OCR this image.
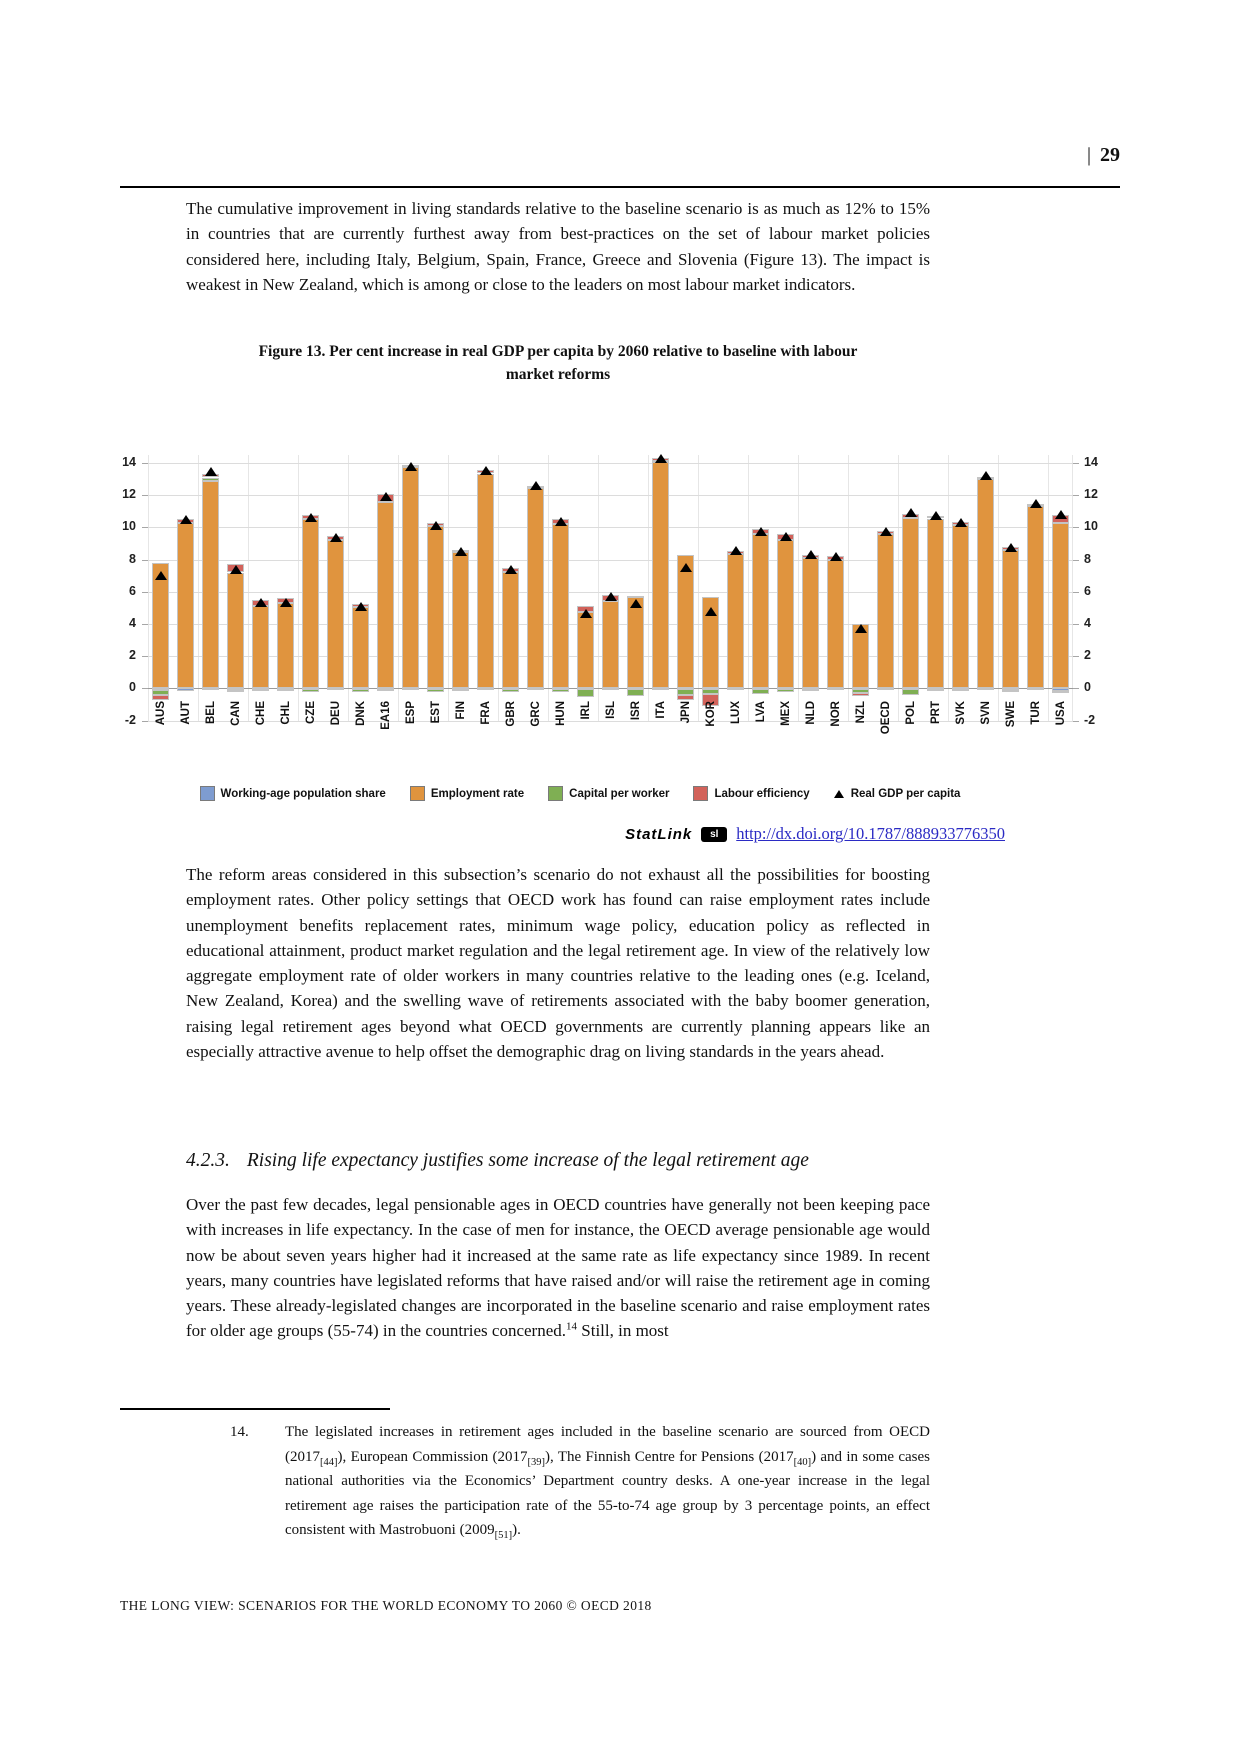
| 29
The cumulative improvement in living standards relative to the baseline scenario is as much as 12% to 15% in countries that are currently furthest away from best-practices on the set of labour market policies considered here, including Italy, Belgium, Spain, France, Greece and Slovenia (Figure 13). The impact is weakest in New Zealand, which is among or close to the leaders on most labour market indicators.
Figure 13. Per cent increase in real GDP per capita by 2060 relative to baseline with labour
market reforms
-2	-2
0	0
2	2
4	4
6	6
8	8
10	10
12	12
14	14
AUS AUT BEL CAN CHE CHL CZE DEU DNK EA16 ESP EST FIN FRA GBR GRC HUN IRL ISL ISR ITA JPN KOR LUX LVA MEX NLD NOR NZL OECD POL PRT SVK SVN SWE TUR USA
Working-age population share	Employment rate	Capital per worker	Labour efficiency	Real GDP per capita
StatLink	sl	http://dx.doi.org/10.1787/888933776350
The reform areas considered in this subsection’s scenario do not exhaust all the possibilities for boosting employment rates. Other policy settings that OECD work has found can raise employment rates include unemployment benefits replacement rates, minimum wage policy, education policy as reflected in educational attainment, product market regulation and the legal retirement age. In view of the relatively low aggregate employment rate of older workers in many countries relative to the leading ones (e.g. Iceland, New Zealand, Korea) and the swelling wave of retirements associated with the baby boomer generation, raising legal retirement ages beyond what OECD governments are currently planning appears like an especially attractive avenue to help offset the demographic drag on living standards in the years ahead.
4.2.3. Rising life expectancy justifies some increase of the legal retirement age
Over the past few decades, legal pensionable ages in OECD countries have generally not been keeping pace with increases in life expectancy. In the case of men for instance, the OECD average pensionable age would now be about seven years higher had it increased at the same rate as life expectancy since 1989. In recent years, many countries have legislated reforms that have raised and/or will raise the retirement age in coming years. These already-legislated changes are incorporated in the baseline scenario and raise employment rates for older age groups (55-74) in the countries concerned.$^{14}$ Still, in most
14.	The legislated increases in retirement ages included in the baseline scenario are sourced from OECD $(2017_{[44]})$, European Commission $(2017_{[39]})$, The Finnish Centre for Pensions $(2017_{[40]})$ and in some cases national authorities via the Economics’ Department country desks. A one-year increase in the legal retirement age raises the participation rate of the 55-to-74 age group by 3 percentage points, an effect consistent with Mastrobuoni $(2009_{[51]})$.
THE LONG VIEW: SCENARIOS FOR THE WORLD ECONOMY TO 2060 © OECD 2018
